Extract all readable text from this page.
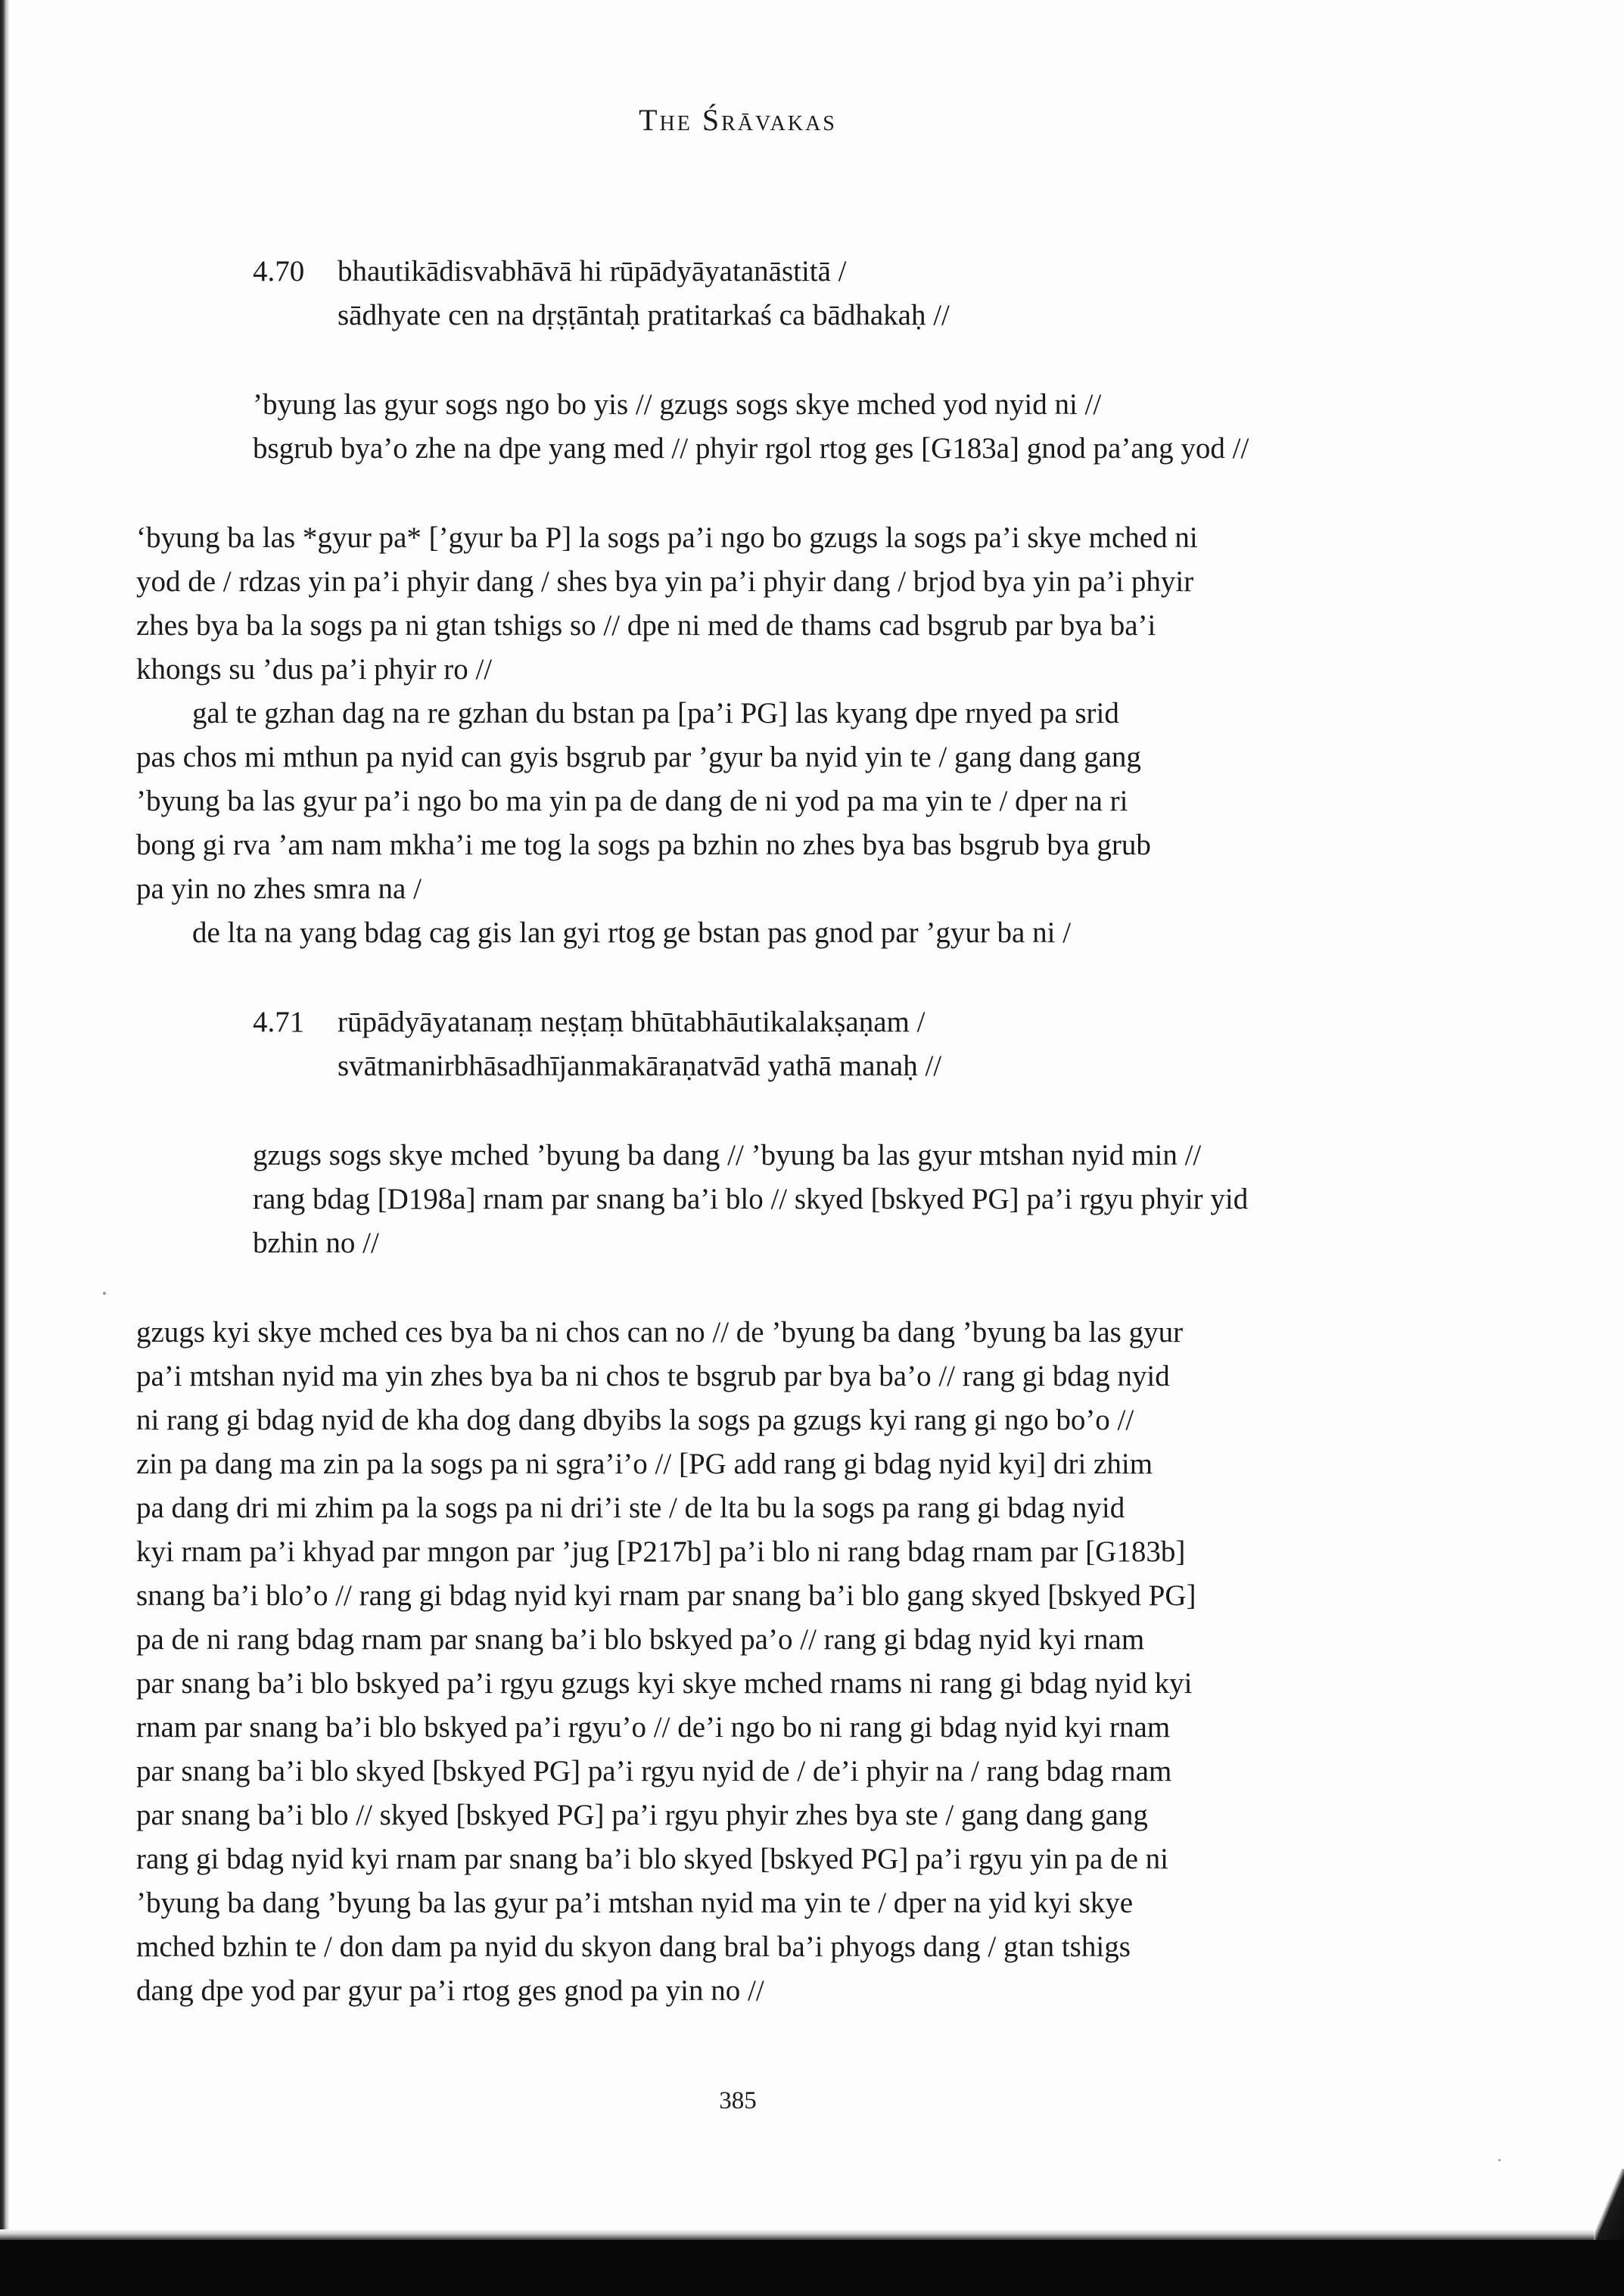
The Śrāvakas
4.70 bhautikādisvabhāvā hi rūpādyāyatanāstitā /
sādhyate cen na dṛṣṭāntaḥ pratitarkaś ca bādhakaḥ //
’byung las gyur sogs ngo bo yis // gzugs sogs skye mched yod nyid ni //
bsgrub bya’o zhe na dpe yang med // phyir rgol rtog ges [G183a] gnod pa’ang yod //
‘byung ba las *gyur pa* [’gyur ba P] la sogs pa’i ngo bo gzugs la sogs pa’i skye mched ni
yod de / rdzas yin pa’i phyir dang / shes bya yin pa’i phyir dang / brjod bya yin pa’i phyir
zhes bya ba la sogs pa ni gtan tshigs so // dpe ni med de thams cad bsgrub par bya ba’i
khongs su ’dus pa’i phyir ro //
gal te gzhan dag na re gzhan du bstan pa [pa’i PG] las kyang dpe rnyed pa srid
pas chos mi mthun pa nyid can gyis bsgrub par ’gyur ba nyid yin te / gang dang gang
’byung ba las gyur pa’i ngo bo ma yin pa de dang de ni yod pa ma yin te / dper na ri
bong gi rva ’am nam mkha’i me tog la sogs pa bzhin no zhes bya bas bsgrub bya grub
pa yin no zhes smra na /
de lta na yang bdag cag gis lan gyi rtog ge bstan pas gnod par ’gyur ba ni /
4.71 rūpādyāyatanaṃ neṣṭaṃ bhūtabhāutikalakṣaṇam /
svātmanirbhāsadhījanmakāraṇatvād yathā manaḥ //
gzugs sogs skye mched ’byung ba dang // ’byung ba las gyur mtshan nyid min //
rang bdag [D198a] rnam par snang ba’i blo // skyed [bskyed PG] pa’i rgyu phyir yid
bzhin no //
gzugs kyi skye mched ces bya ba ni chos can no // de ’byung ba dang ’byung ba las gyur
pa’i mtshan nyid ma yin zhes bya ba ni chos te bsgrub par bya ba’o // rang gi bdag nyid
ni rang gi bdag nyid de kha dog dang dbyibs la sogs pa gzugs kyi rang gi ngo bo’o //
zin pa dang ma zin pa la sogs pa ni sgra’i’o // [PG add rang gi bdag nyid kyi] dri zhim
pa dang dri mi zhim pa la sogs pa ni dri’i ste / de lta bu la sogs pa rang gi bdag nyid
kyi rnam pa’i khyad par mngon par ’jug [P217b] pa’i blo ni rang bdag rnam par [G183b]
snang ba’i blo’o // rang gi bdag nyid kyi rnam par snang ba’i blo gang skyed [bskyed PG]
pa de ni rang bdag rnam par snang ba’i blo bskyed pa’o // rang gi bdag nyid kyi rnam
par snang ba’i blo bskyed pa’i rgyu gzugs kyi skye mched rnams ni rang gi bdag nyid kyi
rnam par snang ba’i blo bskyed pa’i rgyu’o // de’i ngo bo ni rang gi bdag nyid kyi rnam
par snang ba’i blo skyed [bskyed PG] pa’i rgyu nyid de / de’i phyir na / rang bdag rnam
par snang ba’i blo // skyed [bskyed PG] pa’i rgyu phyir zhes bya ste / gang dang gang
rang gi bdag nyid kyi rnam par snang ba’i blo skyed [bskyed PG] pa’i rgyu yin pa de ni
’byung ba dang ’byung ba las gyur pa’i mtshan nyid ma yin te / dper na yid kyi skye
mched bzhin te / don dam pa nyid du skyon dang bral ba’i phyogs dang / gtan tshigs
dang dpe yod par gyur pa’i rtog ges gnod pa yin no //
385
